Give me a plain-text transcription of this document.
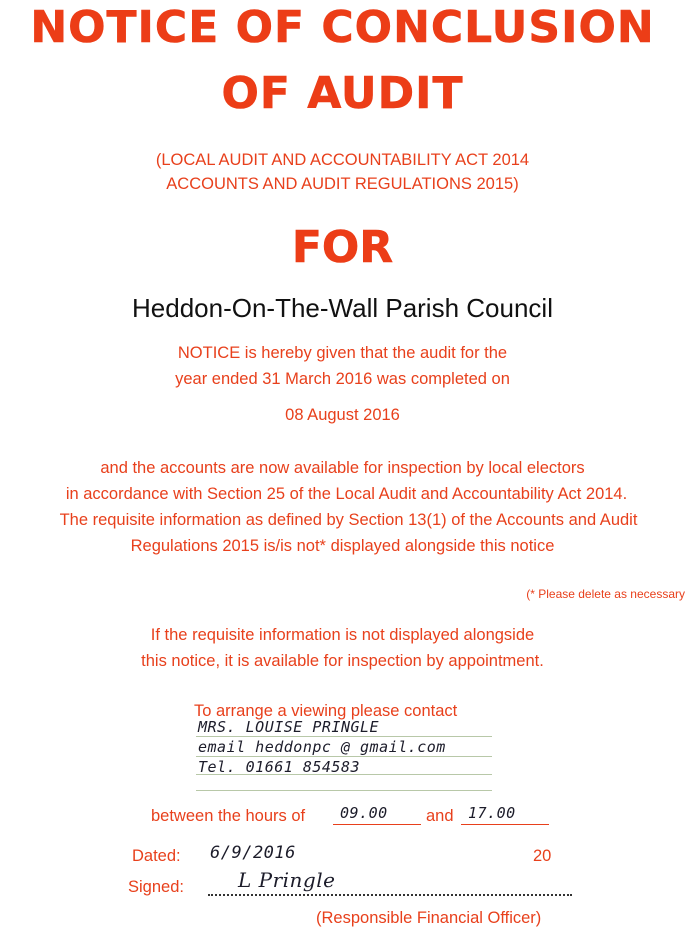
NOTICE OF CONCLUSION
OF AUDIT
(LOCAL AUDIT AND ACCOUNTABILITY ACT 2014
ACCOUNTS AND AUDIT REGULATIONS 2015)
FOR
Heddon-On-The-Wall Parish Council
NOTICE is hereby given that the audit for the
year ended 31 March 2016 was completed on
08 August 2016
and the accounts are now available for inspection by local electors
in accordance with Section 25 of the Local Audit and Accountability Act 2014.
The requisite information as defined by Section 13(1) of the Accounts and Audit
Regulations 2015 is/is not* displayed alongside this notice
(* Please delete as necessary
If the requisite information is not displayed alongside
this notice, it is available for inspection by appointment.
To arrange a viewing please contact
MRS. LOUISE PRINGLE
email heddonpc @ gmail.com
Tel. 01661 854583
between the hours of 09.00 and 17.00
Dated: 6/9/2016	20
Signed:	L Pringle
(Responsible Financial Officer)
